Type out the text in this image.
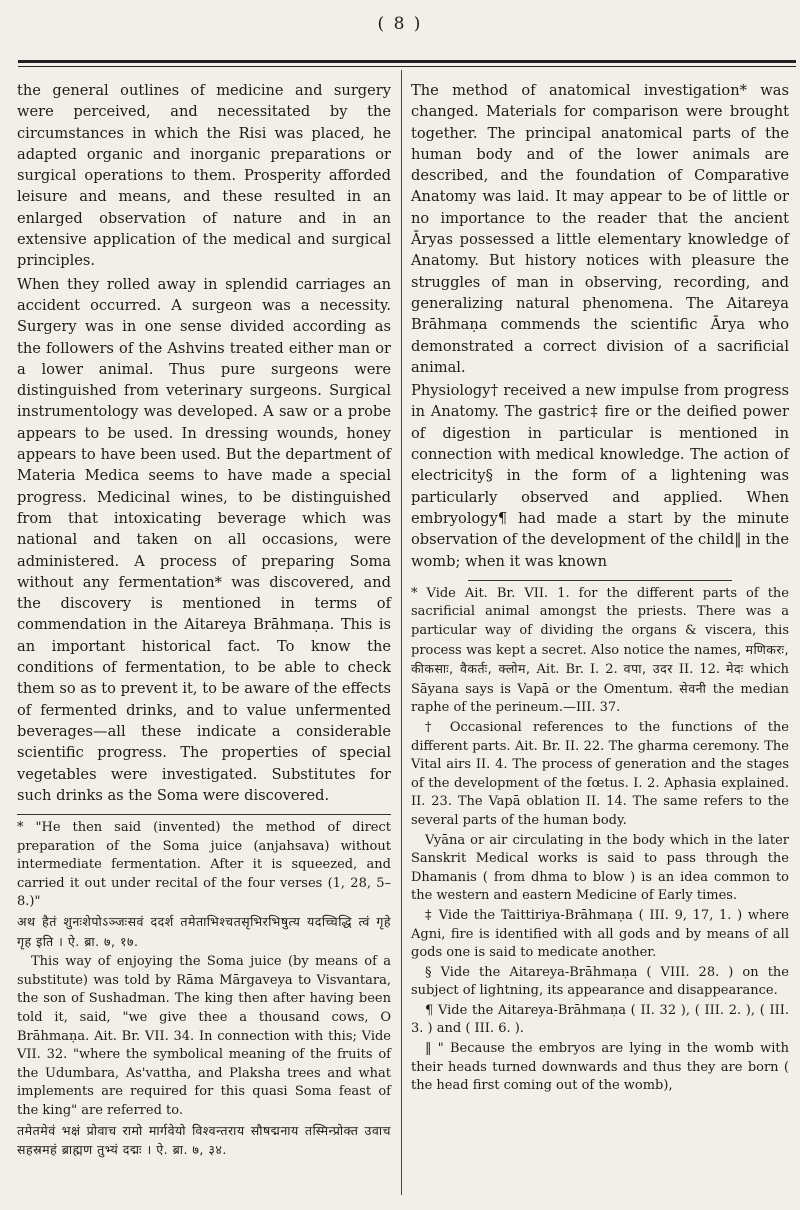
( 8 )

the general outlines of medicine and surgery were perceived, and necessitated by the circumstances in which the Risi was placed, he adapted organic and inorganic preparations or surgical operations to them. Prosperity afforded leisure and means, and these resulted in an enlarged observation of nature and in an extensive application of the medical and surgical principles.

When they rolled away in splendid carriages an accident occurred. A surgeon was a necessity. Surgery was in one sense divided according as the followers of the Ashvins treated either man or a lower animal. Thus pure surgeons were distinguished from veterinary surgeons. Surgical instrumentology was developed. A saw or a probe appears to be used. In dressing wounds, honey appears to have been used. But the department of Materia Medica seems to have made a special progress. Medicinal wines, to be distinguished from that intoxicating beverage which was national and taken on all occasions, were administered. A process of preparing Soma without any fermentation* was discovered, and the discovery is mentioned in terms of commendation in the Aitareya Brāhmaṇa. This is an important historical fact. To know the conditions of fermentation, to be able to check them so as to prevent it, to be aware of the effects of fermented drinks, and to value unfermented beverages—all these indicate a considerable scientific progress. The properties of special vegetables were investigated. Substitutes for such drinks as the Soma were discovered.

* "He then said (invented) the method of direct preparation of the Soma juice (anjahsava) without intermediate fermentation. After it is squeezed, and carried it out under recital of the four verses (1, 28, 5–8.)"

अथ हैतं शुनःशेपोऽञ्जःसवं ददर्श तमेताभिश्चतसृभिरभिषुत्य यदच्चिद्धि त्वं गृहे गृह इति । ऐ. ब्रा. ७, १७.

This way of enjoying the Soma juice (by means of a substitute) was told by Rāma Mārgaveya to Visvantara, the son of Sushadman. The king then after having been told it, said, "we give thee a thousand cows, O Brāhmaṇa. Ait. Br. VII. 34. In connection with this; Vide VII. 32. "where the symbolical meaning of the fruits of the Udumbara, As'vattha, and Plaksha trees and what implements are required for this quasi Soma feast of the king" are referred to.

तमेतमेवं भक्षं प्रोवाच रामो मार्गवेयो विश्वन्तराय सौषद्मनाय तस्मिन्प्रोक्त उवाच सहस्रमहं ब्राह्मण तुभ्यं दद्मः । ऐ. ब्रा. ७, ३४.

The method of anatomical investigation* was changed. Materials for comparison were brought together. The principal anatomical parts of the human body and of the lower animals are described, and the foundation of Comparative Anatomy was laid. It may appear to be of little or no importance to the reader that the ancient Āryas possessed a little elementary knowledge of Anatomy. But history notices with pleasure the struggles of man in observing, recording, and generalizing natural phenomena. The Aitareya Brāhmaṇa commends the scientific Ārya who demonstrated a correct division of a sacrificial animal.

Physiology† received a new impulse from progress in Anatomy. The gastric‡ fire or the deified power of digestion in particular is mentioned in connection with medical knowledge. The action of electricity§ in the form of a lightening was particularly observed and applied. When embryology¶ had made a start by the minute observation of the development of the child‖ in the womb; when it was known

* Vide Ait. Br. VII. 1. for the different parts of the sacrificial animal amongst the priests. There was a particular way of dividing the organs & viscera, this process was kept a secret. Also notice the names, मणिकरः, कीकसाः, वैकर्तः, क्लोम, Ait. Br. I. 2. वपा, उदर II. 12. मेदः which Sāyana says is Vapā or the Omentum. सेवनी the median raphe of the perineum.—III. 37.

† Occasional references to the functions of the different parts. Ait. Br. II. 22. The gharma ceremony. The Vital airs II. 4. The process of generation and the stages of the development of the fœtus. I. 2. Aphasia explained. II. 23. The Vapā oblation II. 14. The same refers to the several parts of the human body.

Vyāna or air circulating in the body which in the later Sanskrit Medical works is said to pass through the Dhamanis ( from dhma to blow ) is an idea common to the western and eastern Medicine of Early times.

‡ Vide the Taittiriya-Brāhmaṇa ( III. 9, 17, 1. ) where Agni, fire is identified with all gods and by means of all gods one is said to medicate another.

§ Vide the Aitareya-Brāhmaṇa ( VIII. 28. ) on the subject of lightning, its appearance and disappearance.

¶ Vide the Aitareya-Brāhmaṇa ( II. 32 ), ( III. 2. ), ( III. 3. ) and ( III. 6. ).

‖ " Because the embryos are lying in the womb with their heads turned downwards and thus they are born ( the head first coming out of the womb),
